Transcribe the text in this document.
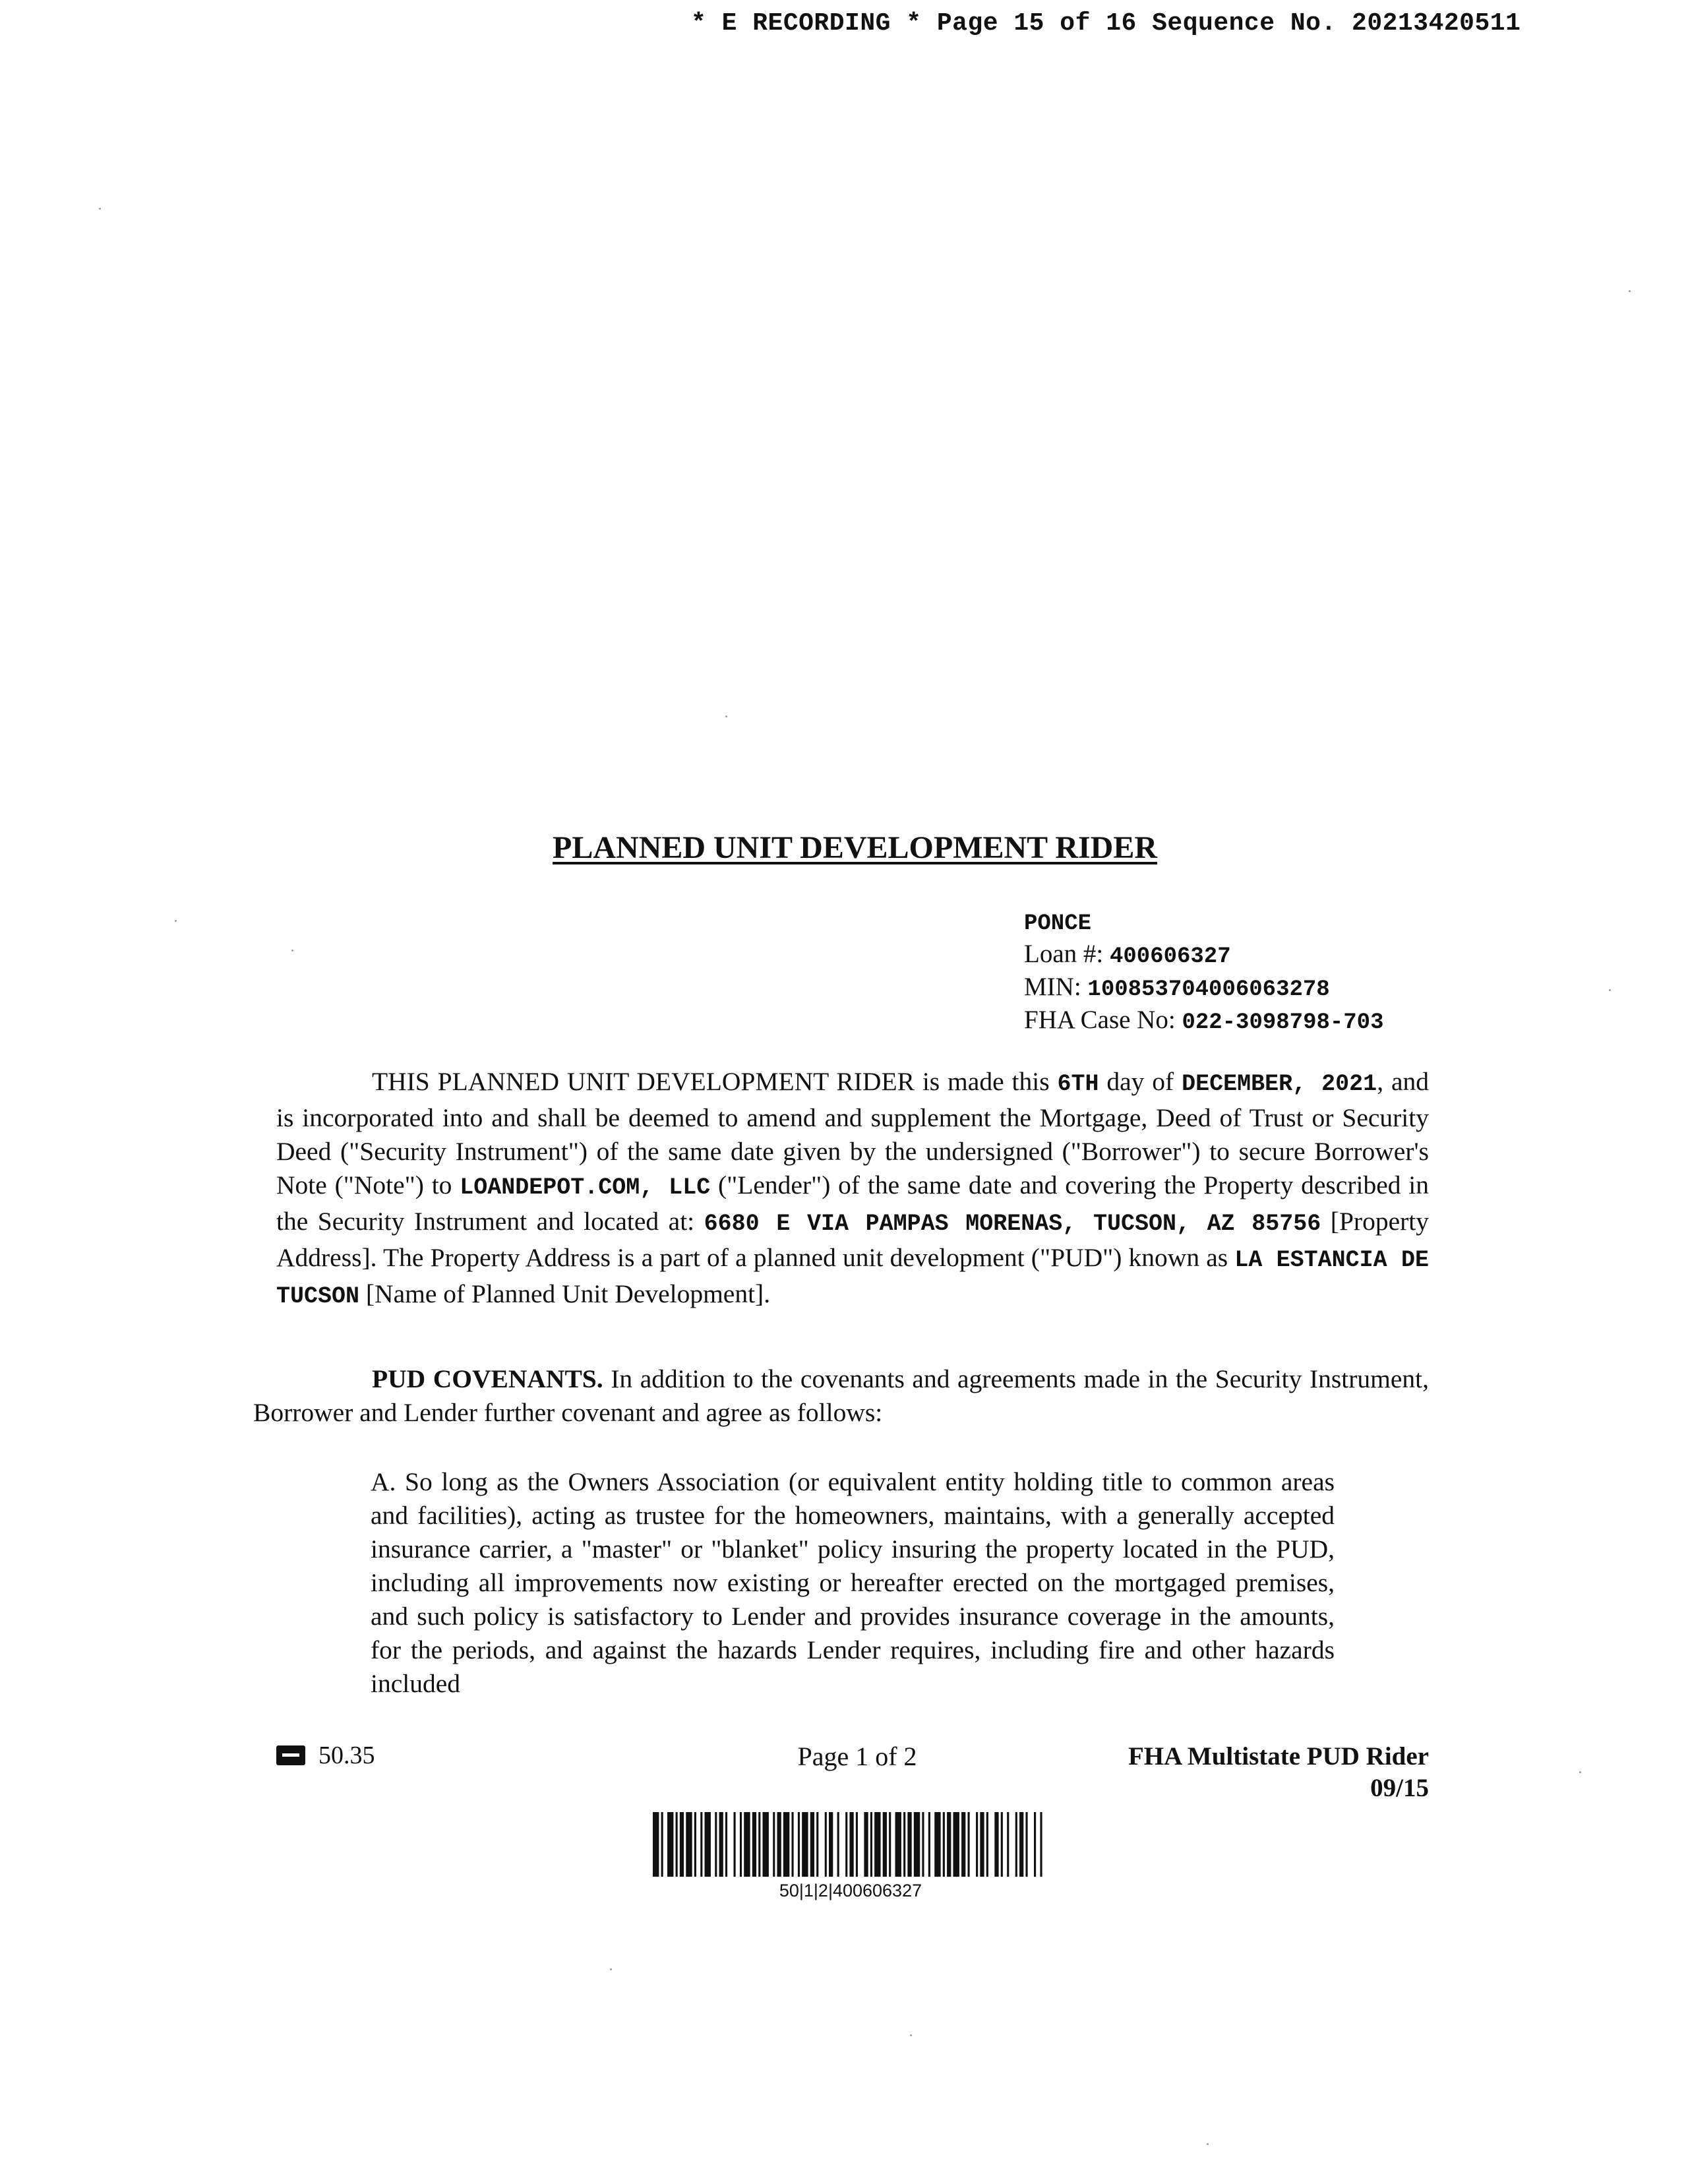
* E RECORDING * Page 15 of 16 Sequence No. 20213420511
PLANNED UNIT DEVELOPMENT RIDER
PONCE
Loan #: 400606327
MIN: 100853704006063278
FHA Case No: 022-3098798-703
THIS PLANNED UNIT DEVELOPMENT RIDER is made this 6TH day of DECEMBER, 2021, and is incorporated into and shall be deemed to amend and supplement the Mortgage, Deed of Trust or Security Deed ("Security Instrument") of the same date given by the undersigned ("Borrower") to secure Borrower's Note ("Note") to LOANDEPOT.COM, LLC ("Lender") of the same date and covering the Property described in the Security Instrument and located at: 6680 E VIA PAMPAS MORENAS, TUCSON, AZ 85756 [Property Address]. The Property Address is a part of a planned unit development ("PUD") known as LA ESTANCIA DE TUCSON [Name of Planned Unit Development].
PUD COVENANTS. In addition to the covenants and agreements made in the Security Instrument, Borrower and Lender further covenant and agree as follows:
A. So long as the Owners Association (or equivalent entity holding title to common areas and facilities), acting as trustee for the homeowners, maintains, with a generally accepted insurance carrier, a "master" or "blanket" policy insuring the property located in the PUD, including all improvements now existing or hereafter erected on the mortgaged premises, and such policy is satisfactory to Lender and provides insurance coverage in the amounts, for the periods, and against the hazards Lender requires, including fire and other hazards included
50.35	Page 1 of 2	FHA Multistate PUD Rider
09/15
50|1|2|400606327
